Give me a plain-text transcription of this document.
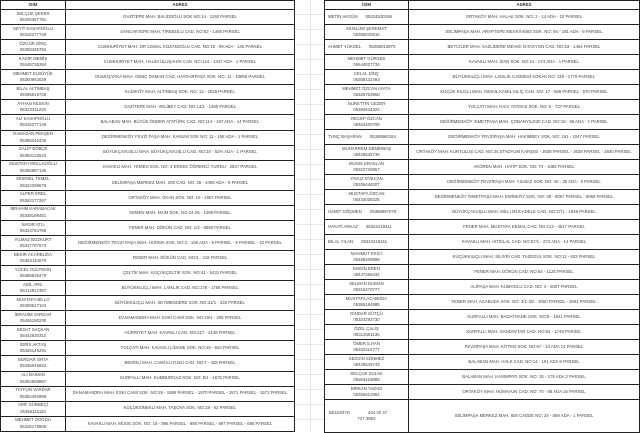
İSİM	ADRES

SELÇUK ŞEKER
05326367781	GAZİTEPE MAH. BALIDOĞLU SOK NO:14 - 1192 PARSEL

SEYİT KASAPOĞLU
05325277749	SANCAKTEPE MAH. TİREBOLU CAD. NO:62 - 1466 PARSEL

ÖZGÜR DİNÇ
05358435783	CUMHURİYET MAH. DR CEMAL KOZANOĞLU CAD. NO:19 - 99 ADA - 146 PARSEL

KADİR MEMİŞ
05348735284	CUMHURİYET MAH. HALİM ULUŞAHİN CAD. NO:144 - 1347 ADA - 1 PARSEL

MEHMET ELBÜYÜK
05300963029	GÜMÜŞYAKA MAH. GENÇ OSMAN CAD. HAYDARPAŞA SOK. NO: 11 - 10856 PARSEL

BİLAL ALTINBAŞ
05495619735	KADIKÖY MAH. ALTINBAŞ SOK. NO: 12 - 2028 PARSEL

AYHAN KESKİN
05322311232	GAZİTEPE MAH. VELİBEY CAD. NO:14/1 - 1280 PARSEL

ALİ KASAPOĞLU
05325277149	BALABAN MAH. BÜYÜK ÖNDER ATATÜRK CAD. NO:114 - 197 ADA - 14 PARSEL

RAMAZAN PEKŞEN
05366240426	DEĞİRMENKÖY FEVZİ PAŞA MAH. KANUNİ SOK NO: 11 - 158 ADA - 1 PARSEL

GALİP BÖBÇE
05383133523	BÜYÜKÇAVUŞLU MAH. BÜYÜKÇAVUŞLU CAD. NO:10 - 52% ADA - 1 PARSEL

MUSTAFA MOLLAOĞLU
05365887136	KAVAKLI MAH. YEMEN SOK. NO: 3 ERKEK ÖĞRENCİ YURDU - 2847 PARSEL

MURSEL TEMEL
05322299678	SELİMPAŞA MERKEZ MAH. 200 CAD. NO: 28 - 1069 ADA - 9 PARSEL

ALPER EREL
05362177267	ORTAKÖY MAH. OKAN SOK. NO: 10 - 1607 PARSEL

İBRAHİM KARABACAK
05338188481	SEMEN MAH. NAİM SOK. NO:24-26 - 1489 PARSEL

NADİR ATLI
05324764768	FENER MAH. DÖKÜN CAD. NO: 1/2 - 5850 PARSEL

YILMAZ BOZKURT
05327787673	DEĞİRMENKÖY FEVZİ PAŞA MAH. HURMA SOK. NO:2 - 156 ADA - 8 PARSEL - 9 PARSEL - 10 PARSEL

BEKİR ACARBUĞA
05362110678	FENER MAH. DÖKÜN CAD. NO:6 - 218 PARSEL

YÜCEL GÜLTEKİN
05388835479	ÇELTİK MAH. KÜÇÜKÇELTİK SOK. NO:41 - 5431 PARSEL

ADİL ARIL
05412917357	BÜYÜKKILIÇLI MAH. LAİKLİK CAD. NO:179 - 1756 PARSEL

MUSTAFA BİLLO
05308617104	BÜYÜKKILIÇLI MAH. SEYMENDERE SOK. NO:31/1 - 332 PARSEL

İBRAHİM VARDAR
05426180230	DANAMANDRA MAH. ESKİ CAMİ SOK. NO:19/1 - 208 PARSEL

SEDAT SAÇKAN
05442620312	HÜRRİYET MAH. KAVAKLI CAD. NO:217 - 2148 PARSEL

İDRİS AKTAŞ
05326145291	YOLÇATI MAH. KAVAKLI LİDADE SOK. NO:45 - 943 PARSEL

SERDAR ORTA
05336046652	BEKİRLİ MAH. CAMİ KUYUSU CAD. NO:7 - 428 PARSEL

ALİ BASKIN
05362505867	KURFALLI MAH. KUMBURGAZ SOK. NO: 5/1 - 1676 PARSEL

TAYFUN VARDAR
05352492888	DANAMANDRA MAH. ESKİ CAMİ SOK. NO:29 - 1569 PARSEL - 1570 PARSEL - 1571 PARSEL - 1572 PARSEL

ARİF SÜRBEÇİ
05356115110	KÜÇÜKSİNEKLİ MAH. TAŞOVA SOK. NO:18 - 62 PARSEL

MEHMET DOĞDU
05326175908	KAVAKLI MAH. MÜGE SOK. NO: 15 - 985 PARSEL - 986 PARSEL - 987 PARSEL - 685 PARSEL
İSİM	ADRES
METİN AKGÜN 05324530195	ORTAKÖY MAH. HALAK SOK. NO: 2 - 14 ADA - 10 PARSEL

MÜSLÜM ŞEREMAT
05355040616	SELİMPAŞA MAH. ARAPTEPE MEVKİİ 6093 SOK. NO: 94 - 181 ADA - 9 PARSEL
AHMET YÜKSEL 05068013970	BEYCİLER MAH. SAZLIDERE MEVKİİ İSTASYON CAD. NO:63 - 1464 PARSEL

MEHMET GÜRSES
05544027734	KAVAKLI MAH. İZAN SOK. NO:21 - 274 ADA - 1 PARSEL

CELAL DİNÇ
05358132493	BÜYÜKKILIÇLI MAH. LAİKLİK CADDESİ SOKAK NO: 119 - 1779 PARSEL

MEHMET ÖZCAN AYATA
05326763958	KÜÇÜK KILIÇLI MAH. İSMAİL KAMİL KILIÇ CAD. NO: 17 - 569 PARSEL - 570 PARSEL

NURETTİN GEZER
05394634324	YOLÇATI MAH. HACI YATMAZ SOK. NO: 6 - 737 PARSEL

RECEP ÖZCAN
05464400706	DEĞİRMENKÖY İSMETPAŞA MAH. ÇOBANYILDIZI CAD. NO:18 - 56 ADA - 1 PARSEL
TUNÇ BAŞARAN 05368560184	DEĞİRMENKÖY FEVZİPAŞA MAH. HAKİMBEY SOK. NO: 161 - 1047 PARSEL

MUHARREM DEMİRBAŞ
05426545739	ORTAKÖY MAH. KURTULUŞ CAD. NO:34 STADYUM KARŞISI - 2638 PARSEL - 2639 PARSEL - 2640 PARSEL

MUNIS ERASLAN
05322726857	AKÖREN MAH. HATİP SOK. NO: 74 - 1085 PARSEL

YAVUZ EVECAN
05306446207	DEĞİRMENKÖY FEVZİPAŞA MAH. YILMAZ SOK. NO: 45 - 35 ADA - 9 PARSEL

MUSTAFA ÖZCAN
05442028325	DEĞİRMENKÖY İSMETPAŞA MAH. EMİNKÖY SOK. NO: 28 - 8067 PARSEL - 8068 PARSEL
HAMİT GÖÇMEN 05368897079	BÜYÜKÇAVUŞLU MAH. MİLLİ MÜCADELE CAD. NO:37/1 - 1839 PARSEL
HAYATİ ARKAZ 05324418411	FENER MAH. MUSTAFA KEMAL CAD. NO:213 - 4517 PARSEL
BİLAL YILAN 05324418411	KAVAKLI MAH. İSTİKLAL CAD. NO:67/1 - 274 ADA - 14 PARSEL

MAHMUT EKİCİ
05468209898	KÜÇÜKKILIÇLI MAH. SİLİVRİ CAD. TAZEGÜL SOK. NO:11 - 603 PARSEL

ENGİN EREN
05447269434	FENER MAH. DÖKÜN CAD. NO:54 - 1125 PARSEL

SELMAN DUMAN
05316270777	ALİPAŞA MAH. KUMHOLU CAD. NO: 4 - 5067 PARSEL

MUSTAFA ACABUDA
05368184885	FENER MAH. ACABUDA SOK. NO: 3/1-3/2 - 3050 PARSEL - 3051 PARSEL

DİNDAR SÜTÇÜ
05324293730	KURFALLI MAH. BADATHANE SOK. NO:8 - 1621 PARSEL

ÖZEL ÇALIŞ
05312601135	KURFALLI MAH. SANDAVTAR CAD. NO:84 - 1748 PARSEL

ÖMER İLHAN
05332415777	FEVZİPAŞA MAH. KİTTEN SOK. NO:67 - 13 ADA 14 PARSEL

SEZGİN SÖNMEZ
05425549743	BALABAN MAH. HALK CAD. NO:14 - 191 ADA 9 PARSEL

SELÇUK SULAK
05363419888	BALABAN MAH. KASIMPATI SOK. NO: 15 - 175 ADA 2 PARSEL

BİRKAN YADIGI
05356612964	ORTAKÖY MAH. HÜMAYUN CAD. NO: 70 - 86 ADA 15 PARSEL

BELEDİYE 444 20 47
727 3863	SELİMPAŞA MERKEZ MAH. 808 CADDE NO: 24 - 559 ADA - 1 PARSEL
